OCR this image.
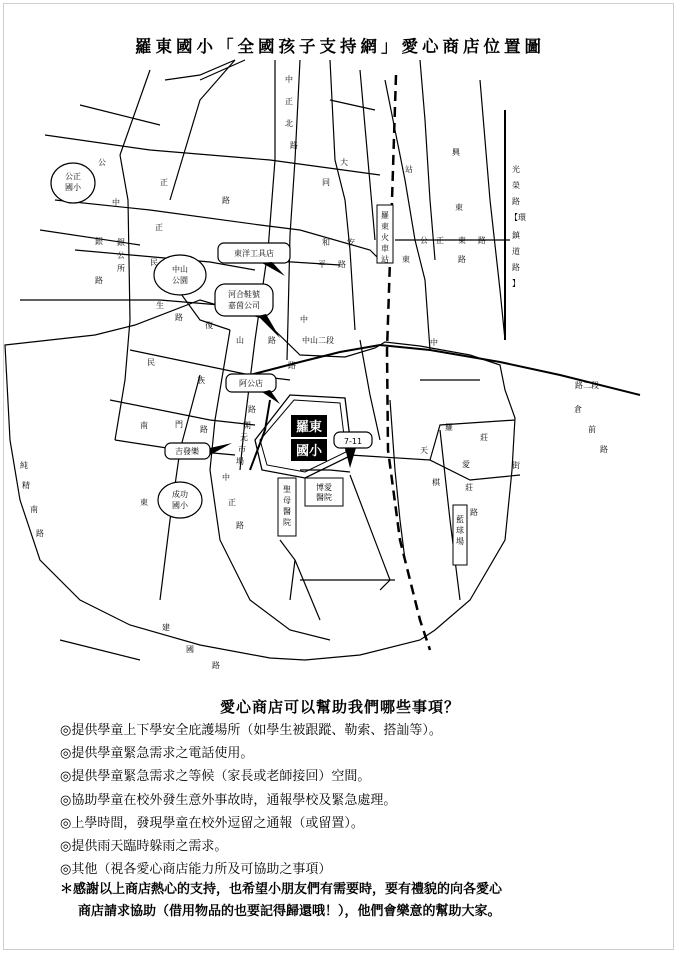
羅東國小「全國孩子支持網」愛心商店位置圖
公正
國小
中山
公園
成功
國小
羅
東
火
車
站
聖
母
醫
院
博愛
醫院
藍
球
場
羅東
國小
東洋工具店
河合鞋號
嘉茵公司
阿公店
吉發樂
7-11
中
正
北
路
公
正
路
中
正
大
同
站
興
東
公 正 東 路
東	路
光
榮
路
【環
鎮
道
路
】
和 安
平 路
銀 銀
公
所
路
民
生
路
復
山	路	中山 二段
中
路
民
族
南	門
路
路
開
元
市
場
純
精
南
路
中
正
路
東
建
國
路
路二段
倉
前
路
羅
莊
街
天
愛
棋
莊
路
中
愛心商店可以幫助我們哪些事項？
◎提供學童上下學安全庇護場所（如學生被跟蹤、勒索、搭訕等）。
◎提供學童緊急需求之電話使用。
◎提供學童緊急需求之等候（家長或老師接回）空間。
◎協助學童在校外發生意外事故時，通報學校及緊急處理。
◎上學時間，發現學童在校外逗留之通報（或留置）。
◎提供雨天臨時躲雨之需求。
◎其他（視各愛心商店能力所及可協助之事項）
＊感謝以上商店熱心的支持，也希望小朋友們有需要時，要有禮貌的向各愛心
商店請求協助（借用物品的也要記得歸還哦！），他們會樂意的幫助大家。
